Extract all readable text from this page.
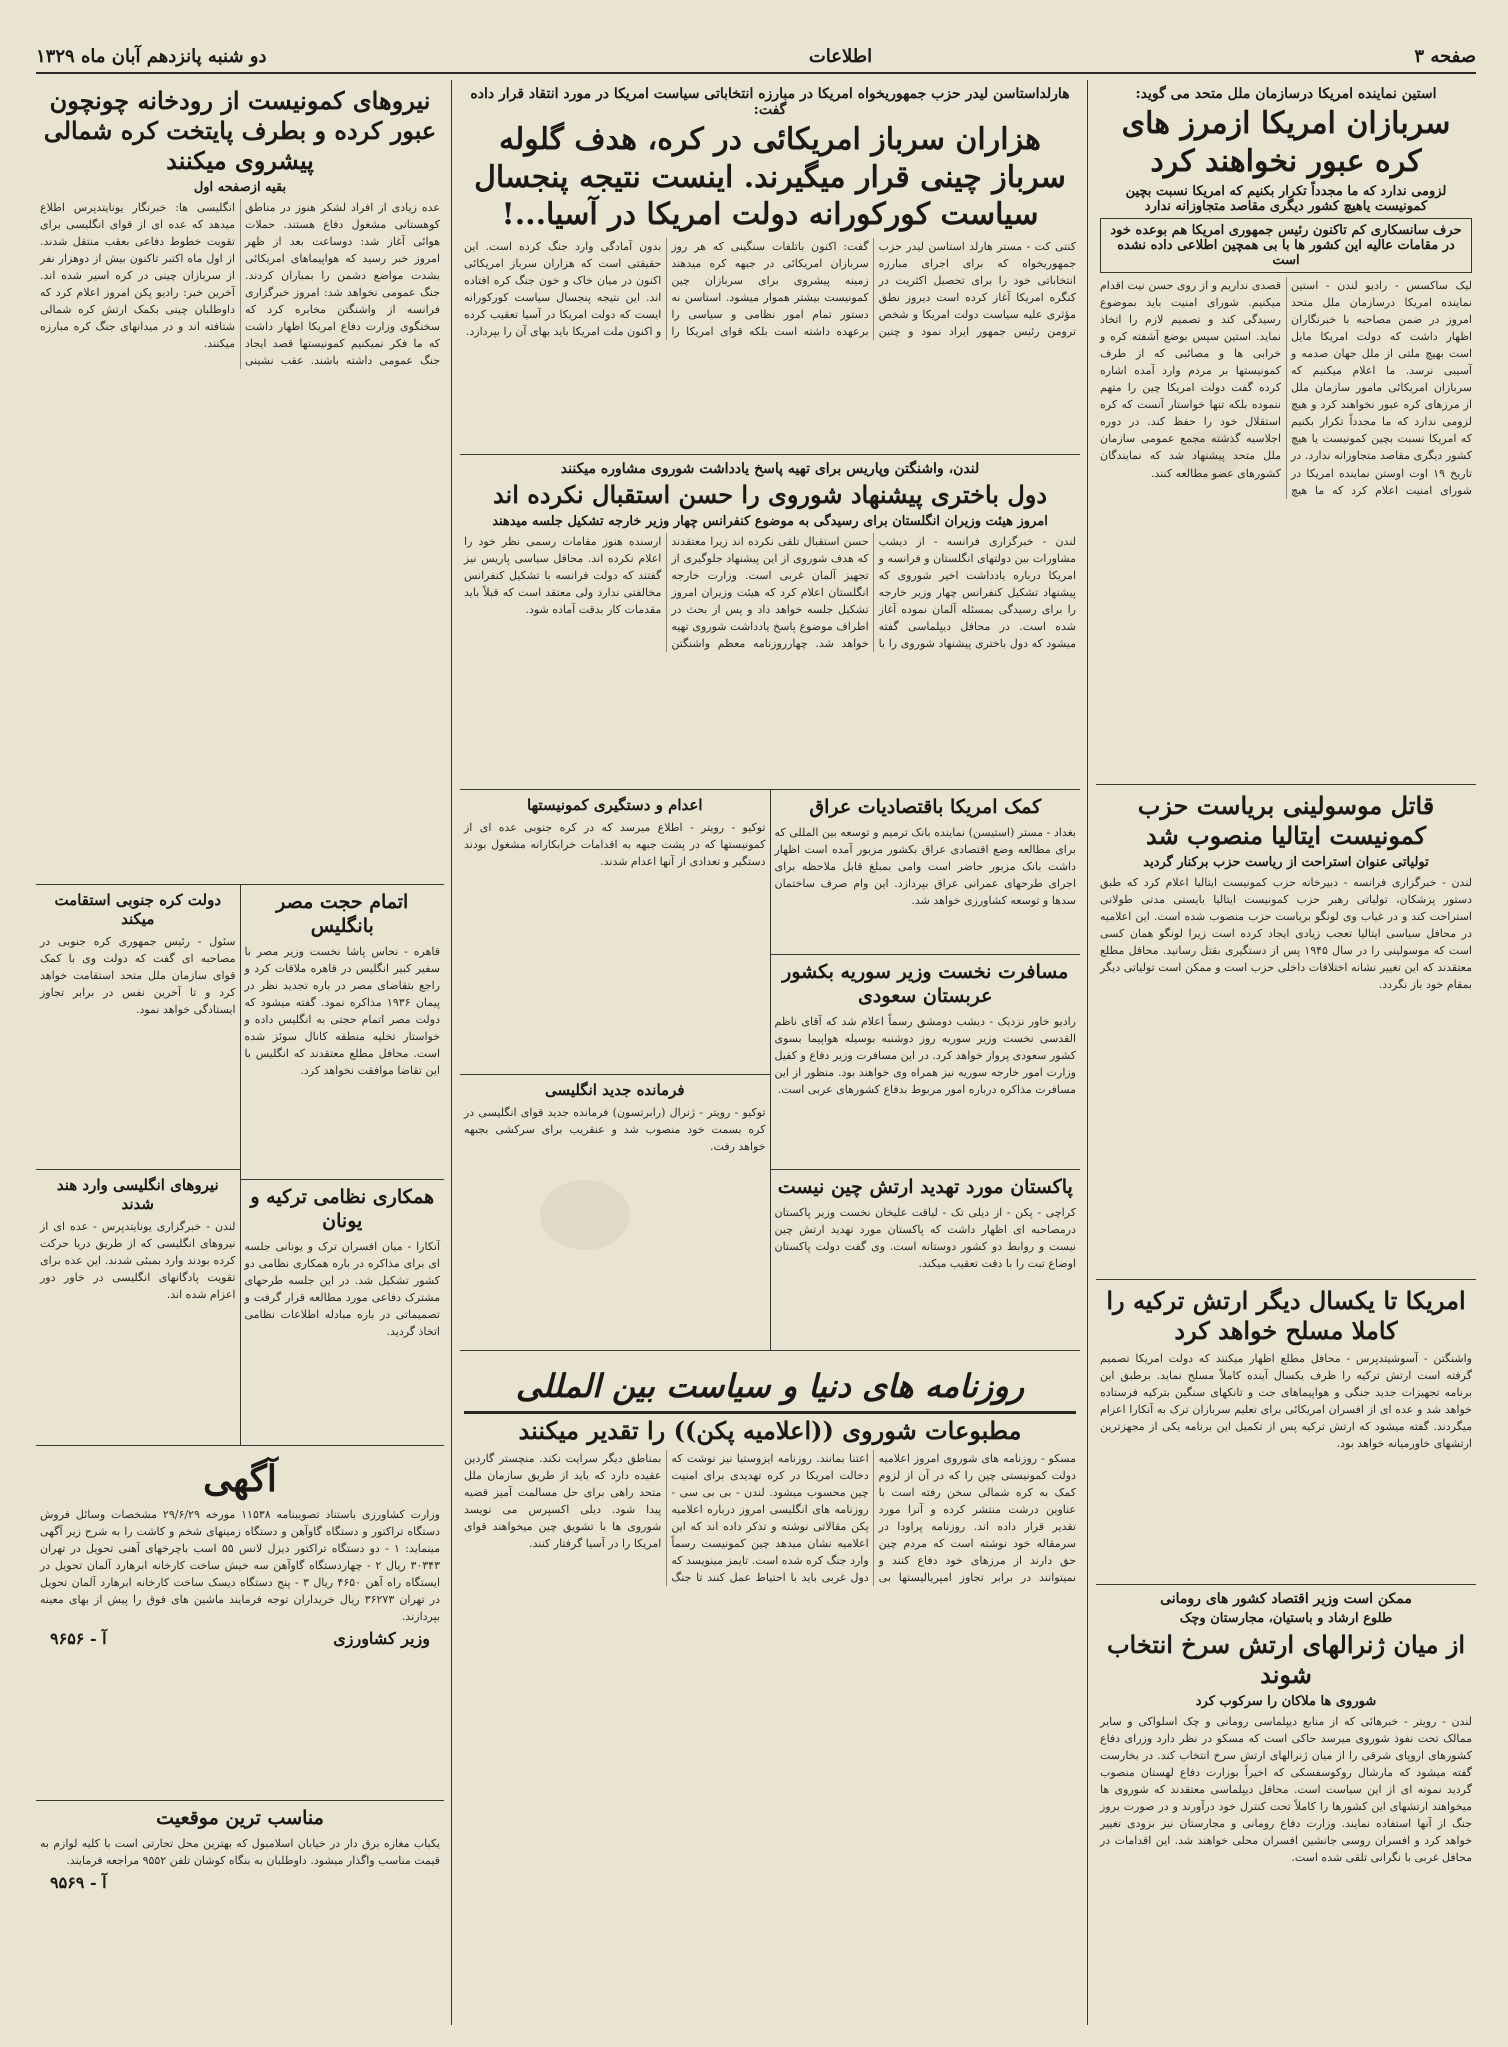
صفحه ۳
اطلاعات
دو شنبه پانزدهم آبان ماه ۱۳۲۹
استین نماینده امریکا درسازمان ملل متحد می گوید:
سربازان امریکا ازمرز های کره عبور نخواهند کرد
لزومی ندارد که ما مجدداً تکرار بکنیم که امریکا نسبت بچین کمونیست یاهیچ کشور دیگری مقاصد متجاوزانه ندارد
حرف سانسکاری کم تاکنون رئیس جمهوری امریکا هم بوعده خود در مقامات عالیه این کشور ها با بی همچین اطلاعی داده نشده است
لیک ساکسس - رادیو لندن - استین نماینده امریکا درسازمان ملل متحد امروز در ضمن مصاحبه با خبرنگاران اظهار داشت که دولت امریکا مایل است بهیچ ملتی از ملل جهان صدمه و آسیبی نرسد. ما اعلام میکنیم که سربازان امریکائی مامور سازمان ملل از مرزهای کره عبور نخواهند کرد و هیچ لزومی ندارد که ما مجدداً تکرار بکنیم که امریکا نسبت بچین کمونیست یا هیچ کشور دیگری مقاصد متجاوزانه ندارد. در تاریخ ۱۹ اوت اوستن نماینده امریکا در شورای امنیت اعلام کرد که ما هیچ قصدی نداریم و از روی حسن نیت اقدام میکنیم. شورای امنیت باید بموضوع رسیدگی کند و تصمیم لازم را اتخاذ نماید. استین سپس بوضع آشفته کره و خرابی ها و مصائبی که از طرف کمونیستها بر مردم وارد آمده اشاره کرده گفت دولت امریکا چین را متهم ننموده بلکه تنها خواستار آنست که کره استقلال خود را حفظ کند. در دوره اجلاسیه گذشته مجمع عمومی سازمان ملل متحد پیشنهاد شد که نمایندگان کشورهای عضو مطالعه کنند.
قاتل موسولینی بریاست حزب کمونیست ایتالیا منصوب شد
تولیاتی عنوان استراحت از ریاست حزب برکنار گردید
لندن - خبرگزاری فرانسه - دبیرخانه حزب کمونیست ایتالیا اعلام کرد که طبق دستور پزشکان، تولیاتی رهبر حزب کمونیست ایتالیا بایستی مدتی طولانی استراحت کند و در غیاب وی لونگو بریاست حزب منصوب شده است. این اعلامیه در محافل سیاسی ایتالیا تعجب زیادی ایجاد کرده است زیرا لونگو همان کسی است که موسولینی را در سال ۱۹۴۵ پس از دستگیری بقتل رسانید. محافل مطلع معتقدند که این تغییر نشانه اختلافات داخلی حزب است و ممکن است تولیاتی دیگر بمقام خود باز نگردد.
امریکا تا یکسال دیگر ارتش ترکیه را کاملا مسلح خواهد کرد
واشنگتن - آسوشیتدپرس - محافل مطلع اظهار میکنند که دولت امریکا تصمیم گرفته است ارتش ترکیه را ظرف یکسال آینده کاملاً مسلح نماید. برطبق این برنامه تجهیزات جدید جنگی و هواپیماهای جت و تانکهای سنگین بترکیه فرستاده خواهد شد و عده ای از افسران امریکائی برای تعلیم سربازان ترک به آنکارا اعزام میگردند. گفته میشود که ارتش ترکیه پس از تکمیل این برنامه یکی از مجهزترین ارتشهای خاورمیانه خواهد بود.
ممکن است وزیر اقتصاد کشور های رومانی
طلوع ارشاد و باستیان، مجارستان وچک
از میان ژنرالهای ارتش سرخ انتخاب شوند
شوروی ها ملاکان را سرکوب کرد
لندن - رویتر - خبرهائی که از منابع دیپلماسی رومانی و چک اسلواکی و سایر ممالک تحت نفوذ شوروی میرسد حاکی است که مسکو در نظر دارد وزرای دفاع کشورهای اروپای شرقی را از میان ژنرالهای ارتش سرخ انتخاب کند. در بخارست گفته میشود که مارشال روکوسفسکی که اخیراً بوزارت دفاع لهستان منصوب گردید نمونه ای از این سیاست است. محافل دیپلماسی معتقدند که شوروی ها میخواهند ارتشهای این کشورها را کاملاً تحت کنترل خود درآورند و در صورت بروز جنگ از آنها استفاده نمایند. وزارت دفاع رومانی و مجارستان نیز بزودی تغییر خواهد کرد و افسران روسی جانشین افسران محلی خواهند شد. این اقدامات در محافل غربی با نگرانی تلقی شده است.
هارلداستاسن لیدر حزب جمهوریخواه امریکا در مبارزه انتخاباتی سیاست امریکا در مورد انتقاد قرار داده گفت:
هزاران سرباز امریکائی در کره، هدف گلوله سرباز چینی قرار میگیرند. اینست نتیجه پنجسال سیاست کورکورانه دولت امریکا در آسیا...!
کنتی کت - مستر هارلد استاسن لیدر حزب جمهوریخواه که برای اجرای مبارزه انتخاباتی خود را برای تحصیل اکثریت در کنگره امریکا آغاز کرده است دیروز نطق مؤثری علیه سیاست دولت امریکا و شخص ترومن رئیس جمهور ایراد نمود و چنین گفت: اکنون باتلفات سنگینی که هر روز سربازان امریکائی در جبهه کره میدهند زمینه پیشروی برای سربازان چین کمونیست بیشتر هموار میشود. استاسن نه دستور تمام امور نظامی و سیاسی را برعهده داشته است بلکه قوای امریکا را بدون آمادگی وارد جنگ کرده است. این حقیقتی است که هزاران سرباز امریکائی اکنون در میان خاک و خون جنگ کره افتاده اند. این نتیجه پنجسال سیاست کورکورانه ایست که دولت امریکا در آسیا تعقیب کرده و اکنون ملت امریکا باید بهای آن را بپردازد.
لندن، واشنگتن وپاریس برای تهیه پاسخ یادداشت شوروی مشاوره میکنند
دول باختری پیشنهاد شوروی را حسن استقبال نکرده اند
امروز هیئت وزیران انگلستان برای رسیدگی به موضوع کنفرانس چهار وزیر خارجه تشکیل جلسه میدهند
لندن - خبرگزاری فرانسه - از دیشب مشاورات بین دولتهای انگلستان و فرانسه و امریکا درباره یادداشت اخیر شوروی که پیشنهاد تشکیل کنفرانس چهار وزیر خارجه را برای رسیدگی بمسئله آلمان نموده آغاز شده است. در محافل دیپلماسی گفته میشود که دول باختری پیشنهاد شوروی را با حسن استقبال تلقی نکرده اند زیرا معتقدند که هدف شوروی از این پیشنهاد جلوگیری از تجهیز آلمان غربی است. وزارت خارجه انگلستان اعلام کرد که هیئت وزیران امروز تشکیل جلسه خواهد داد و پس از بحث در اطراف موضوع پاسخ یادداشت شوروی تهیه خواهد شد. چهارروزنامه معظم واشنگتن ارسنده هنوز مقامات رسمی نظر خود را اعلام نکرده اند. محافل سیاسی پاریس نیز گفتند که دولت فرانسه با تشکیل کنفرانس مخالفتی ندارد ولی معتقد است که قبلاً باید مقدمات کار بدقت آماده شود.
کمک امریکا باقتصادیات عراق
بغداد - مستر (استیسن) نماینده بانک ترمیم و توسعه بین المللی که برای مطالعه وضع اقتصادی عراق بکشور مزبور آمده است اظهار داشت بانک مزبور حاضر است وامی بمبلغ قابل ملاحظه برای اجرای طرحهای عمرانی عراق بپردازد. این وام صرف ساختمان سدها و توسعه کشاورزی خواهد شد.
مسافرت نخست وزیر سوریه بکشور عربستان سعودی
رادیو خاور نزدیک - دیشب دومشق رسماً اعلام شد که آقای ناظم القدسی نخست وزیر سوریه روز دوشنبه بوسیله هواپیما بسوی کشور سعودی پرواز خواهد کرد. در این مسافرت وزیر دفاع و کفیل وزارت امور خارجه سوریه نیز همراه وی خواهند بود. منظور از این مسافرت مذاکره درباره امور مربوط بدفاع کشورهای عربی است.
پاکستان مورد تهدید ارتش چین نیست
کراچی - پکن - از دیلی تک - لیاقت علیخان نخست وزیر پاکستان درمصاحبه ای اظهار داشت که پاکستان مورد تهدید ارتش چین نیست و روابط دو کشور دوستانه است. وی گفت دولت پاکستان اوضاع تبت را با دقت تعقیب میکند.
اعدام و دستگیری کمونیستها
توکیو - رویتر - اطلاع میرسد که در کره جنوبی عده ای از کمونیستها که در پشت جبهه به اقدامات خرابکارانه مشغول بودند دستگیر و تعدادی از آنها اعدام شدند.
فرمانده جدید انگلیسی
توکیو - رویتر - ژنرال (رابرتسون) فرمانده جدید قوای انگلیسی در کره بسمت خود منصوب شد و عنقریب برای سرکشی بجبهه خواهد رفت.
روزنامه های دنیا و سیاست بین المللی
مطبوعات شوروی ((اعلامیه پکن)) را تقدیر میکنند
مسکو - روزنامه های شوروی امروز اعلامیه دولت کمونیستی چین را که در آن از لزوم کمک به کره شمالی سخن رفته است با عناوین درشت منتشر کرده و آنرا مورد تقدیر قرار داده اند. روزنامه پراودا در سرمقاله خود نوشته است که مردم چین حق دارند از مرزهای خود دفاع کنند و نمیتوانند در برابر تجاوز امپریالیستها بی اعتنا بمانند. روزنامه ایزوستیا نیز نوشت که دخالت امریکا در کره تهدیدی برای امنیت چین محسوب میشود. لندن - بی بی سی - روزنامه های انگلیسی امروز درباره اعلامیه پکن مقالاتی نوشته و تذکر داده اند که این اعلامیه نشان میدهد چین کمونیست رسماً وارد جنگ کره شده است. تایمز مینویسد که دول غربی باید با احتیاط عمل کنند تا جنگ بمناطق دیگر سرایت نکند. منچستر گاردین عقیده دارد که باید از طریق سازمان ملل متحد راهی برای حل مسالمت آمیز قضیه پیدا شود. دیلی اکسپرس می نویسد شوروی ها با تشویق چین میخواهند قوای امریکا را در آسیا گرفتار کنند.
نیروهای کمونیست از رودخانه چونچون عبور کرده و بطرف پایتخت کره شمالی پیشروی میکنند
بقیه ازصفحه اول
عده زیادی از افراد لشکر هنوز در مناطق کوهستانی مشغول دفاع هستند. حملات هوائی آغاز شد: دوساعت بعد از ظهر امروز خبر رسید که هواپیماهای امریکائی بشدت مواضع دشمن را بمباران کردند. جنگ عمومی نخواهد شد: امروز خبرگزاری فرانسه از واشنگتن مخابره کرد که سخنگوی وزارت دفاع امریکا اظهار داشت که ما فکر نمیکنیم کمونیستها قصد ایجاد جنگ عمومی داشته باشند. عقب نشینی انگلیسی ها: خبرنگار یونایتدپرس اطلاع میدهد که عده ای از قوای انگلیسی برای تقویت خطوط دفاعی بعقب منتقل شدند. از اول ماه اکتبر تاکنون بیش از دوهزار نفر از سربازان چینی در کره اسیر شده اند. آخرین خبر: رادیو پکن امروز اعلام کرد که داوطلبان چینی بکمک ارتش کره شمالی شتافته اند و در میدانهای جنگ کره مبارزه میکنند.
اتمام حجت مصر بانگلیس
قاهره - نحاس پاشا نخست وزیر مصر با سفیر کبیر انگلیس در قاهره ملاقات کرد و راجع بتقاضای مصر در باره تجدید نظر در پیمان ۱۹۳۶ مذاکره نمود. گفته میشود که دولت مصر اتمام حجتی به انگلیس داده و خواستار تخلیه منطقه کانال سوئز شده است. محافل مطلع معتقدند که انگلیس با این تقاضا موافقت نخواهد کرد.
همکاری نظامی ترکیه و یونان
آنکارا - میان افسران ترک و یونانی جلسه ای برای مذاکره در باره همکاری نظامی دو کشور تشکیل شد. در این جلسه طرحهای مشترک دفاعی مورد مطالعه قرار گرفت و تصمیماتی در باره مبادله اطلاعات نظامی اتخاذ گردید.
دولت کره جنوبی استقامت میکند
سئول - رئیس جمهوری کره جنوبی در مصاحبه ای گفت که دولت وی با کمک قوای سازمان ملل متحد استقامت خواهد کرد و تا آخرین نفس در برابر تجاوز ایستادگی خواهد نمود.
نیروهای انگلیسی وارد هند شدند
لندن - خبرگزاری یونایتدپرس - عده ای از نیروهای انگلیسی که از طریق دریا حرکت کرده بودند وارد بمبئی شدند. این عده برای تقویت پادگانهای انگلیسی در خاور دور اعزام شده اند.
آگهی
وزارت کشاورزی باستناد تصویبنامه ۱۱۵۳۸ مورخه ۲۹/۶/۲۹ مشخصات وسائل فروش دستگاه تراکتور و دستگاه گاوآهن و دستگاه زمینهای شخم و کاشت را به شرح زیر آگهی مینماید: ۱ - دو دستگاه تراکتور دیزل لانس ۵۵ اسب باچرخهای آهنی تحویل در تهران ۳۰۳۴۳ ریال ۲ - چهاردستگاه گاوآهن سه خیش ساخت کارخانه ابرهارد آلمان تحویل در ایستگاه راه آهن ۴۶۵۰ ریال ۳ - پنج دستگاه دیسک ساخت کارخانه ابرهارد آلمان تحویل در تهران ۳۶۲۷۳ ریال خریداران توجه فرمایند ماشین های فوق را پیش از بهای معینه بپردازند.
وزیر کشاورزی
آ - ۹۶۵۶
مناسب ترین موقعیت
یکباب مغازه برق دار در خیابان اسلامبول که بهترین محل تجارتی است با کلیه لوازم به قیمت مناسب واگذار میشود. داوطلبان به بنگاه کوشان تلفن ۹۵۵۲ مراجعه فرمایند.
آ - ۹۵۶۹
